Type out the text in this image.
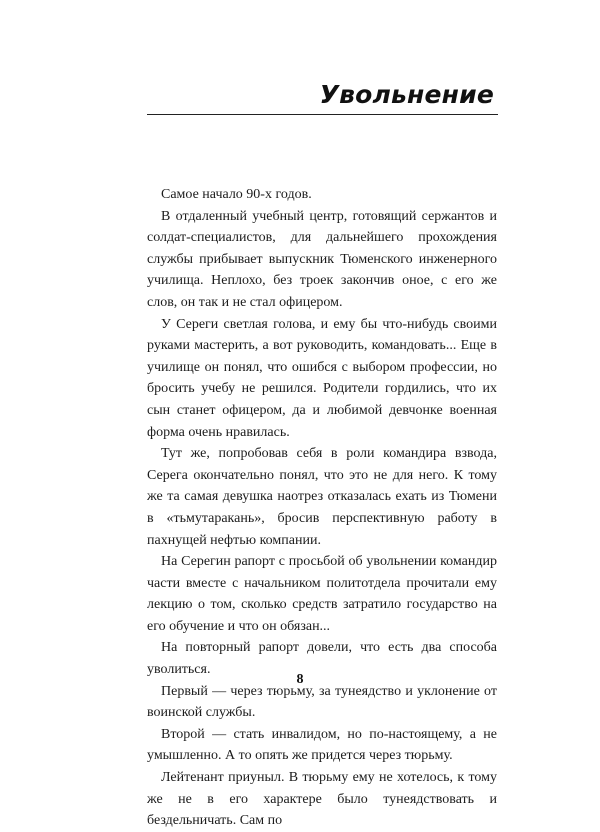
Увольнение

Самое начало 90-х годов.

В отдаленный учебный центр, готовящий сержантов и солдат-специалистов, для дальнейшего прохождения службы прибывает выпускник Тюменского инженерного училища. Неплохо, без троек закончив оное, с его же слов, он так и не стал офицером.

У Сереги светлая голова, и ему бы что-нибудь своими руками мастерить, а вот руководить, командовать... Еще в училище он понял, что ошибся с выбором профессии, но бросить учебу не решился. Родители гордились, что их сын станет офицером, да и любимой девчонке военная форма очень нравилась.

Тут же, попробовав себя в роли командира взвода, Серега окончательно понял, что это не для него. К тому же та самая девушка наотрез отказалась ехать из Тюмени в «тьмутаракань», бросив перспективную работу в пахнущей нефтью компании.

На Серегин рапорт с просьбой об увольнении командир части вместе с начальником политотдела прочитали ему лекцию о том, сколько средств затратило государство на его обучение и что он обязан...

На повторный рапорт довели, что есть два способа уволиться.

Первый — через тюрьму, за тунеядство и уклонение от воинской службы.

Второй — стать инвалидом, но по-настоящему, а не умышленно. А то опять же придется через тюрьму.

Лейтенант приуныл. В тюрьму ему не хотелось, к тому же не в его характере было тунеядствовать и бездельничать. Сам по

8
